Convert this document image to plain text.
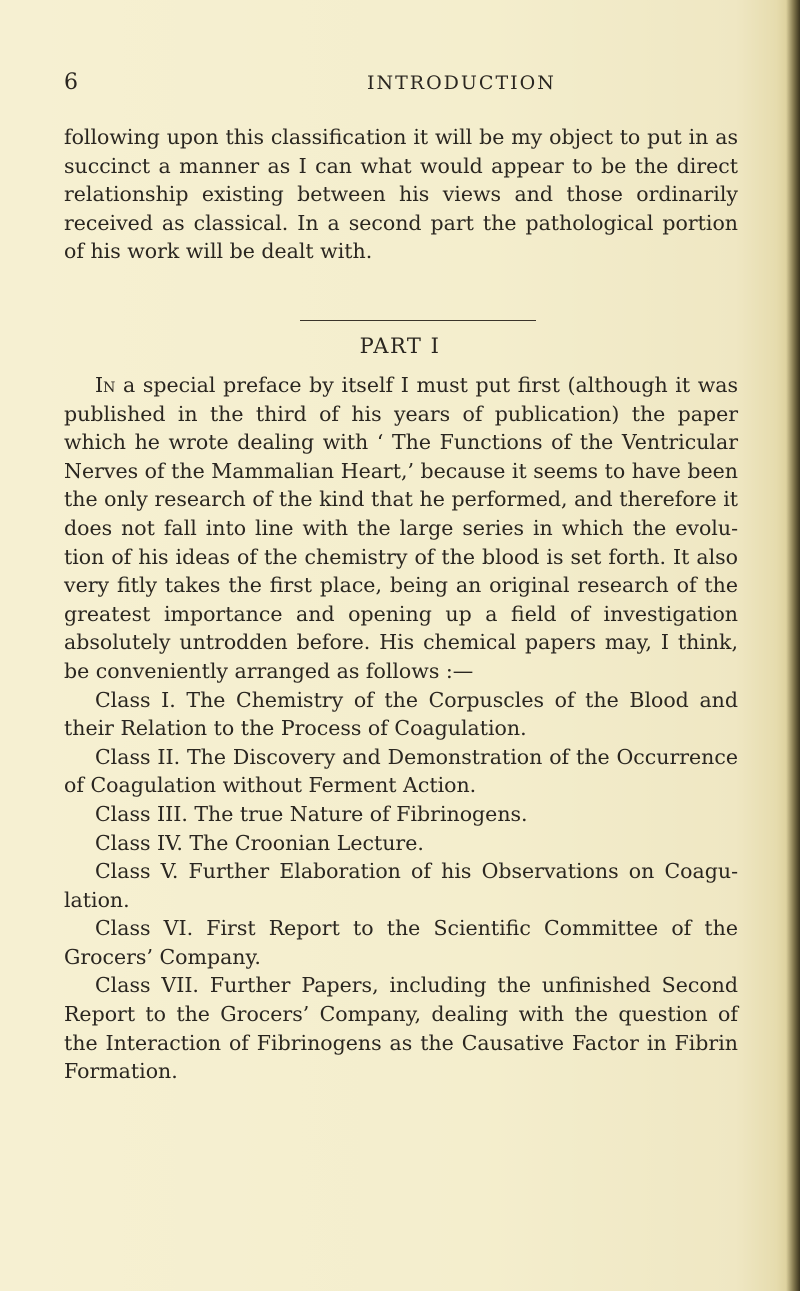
6	INTRODUCTION

following upon this classification it will be my object to put in as succinct a manner as I can what would appear to be the direct relationship existing between his views and those ordinarily received as classical. In a second part the pathological portion of his work will be dealt with.

PART I

In a special preface by itself I must put first (although it was published in the third of his years of publication) the paper which he wrote dealing with ‘ The Functions of the Ventricular Nerves of the Mammalian Heart,’ because it seems to have been the only research of the kind that he performed, and therefore it does not fall into line with the large series in which the evolution of his ideas of the chemistry of the blood is set forth. It also very fitly takes the first place, being an original research of the greatest importance and opening up a field of investigation absolutely untrodden before. His chemical papers may, I think, be conveniently arranged as follows :—

Class I. The Chemistry of the Corpuscles of the Blood and their Relation to the Process of Coagulation.

Class II. The Discovery and Demonstration of the Occurrence of Coagulation without Ferment Action.

Class III. The true Nature of Fibrinogens.

Class IV. The Croonian Lecture.

Class V. Further Elaboration of his Observations on Coagulation.

Class VI. First Report to the Scientific Committee of the Grocers’ Company.

Class VII. Further Papers, including the unfinished Second Report to the Grocers’ Company, dealing with the question of the Interaction of Fibrinogens as the Causative Factor in Fibrin Formation.
